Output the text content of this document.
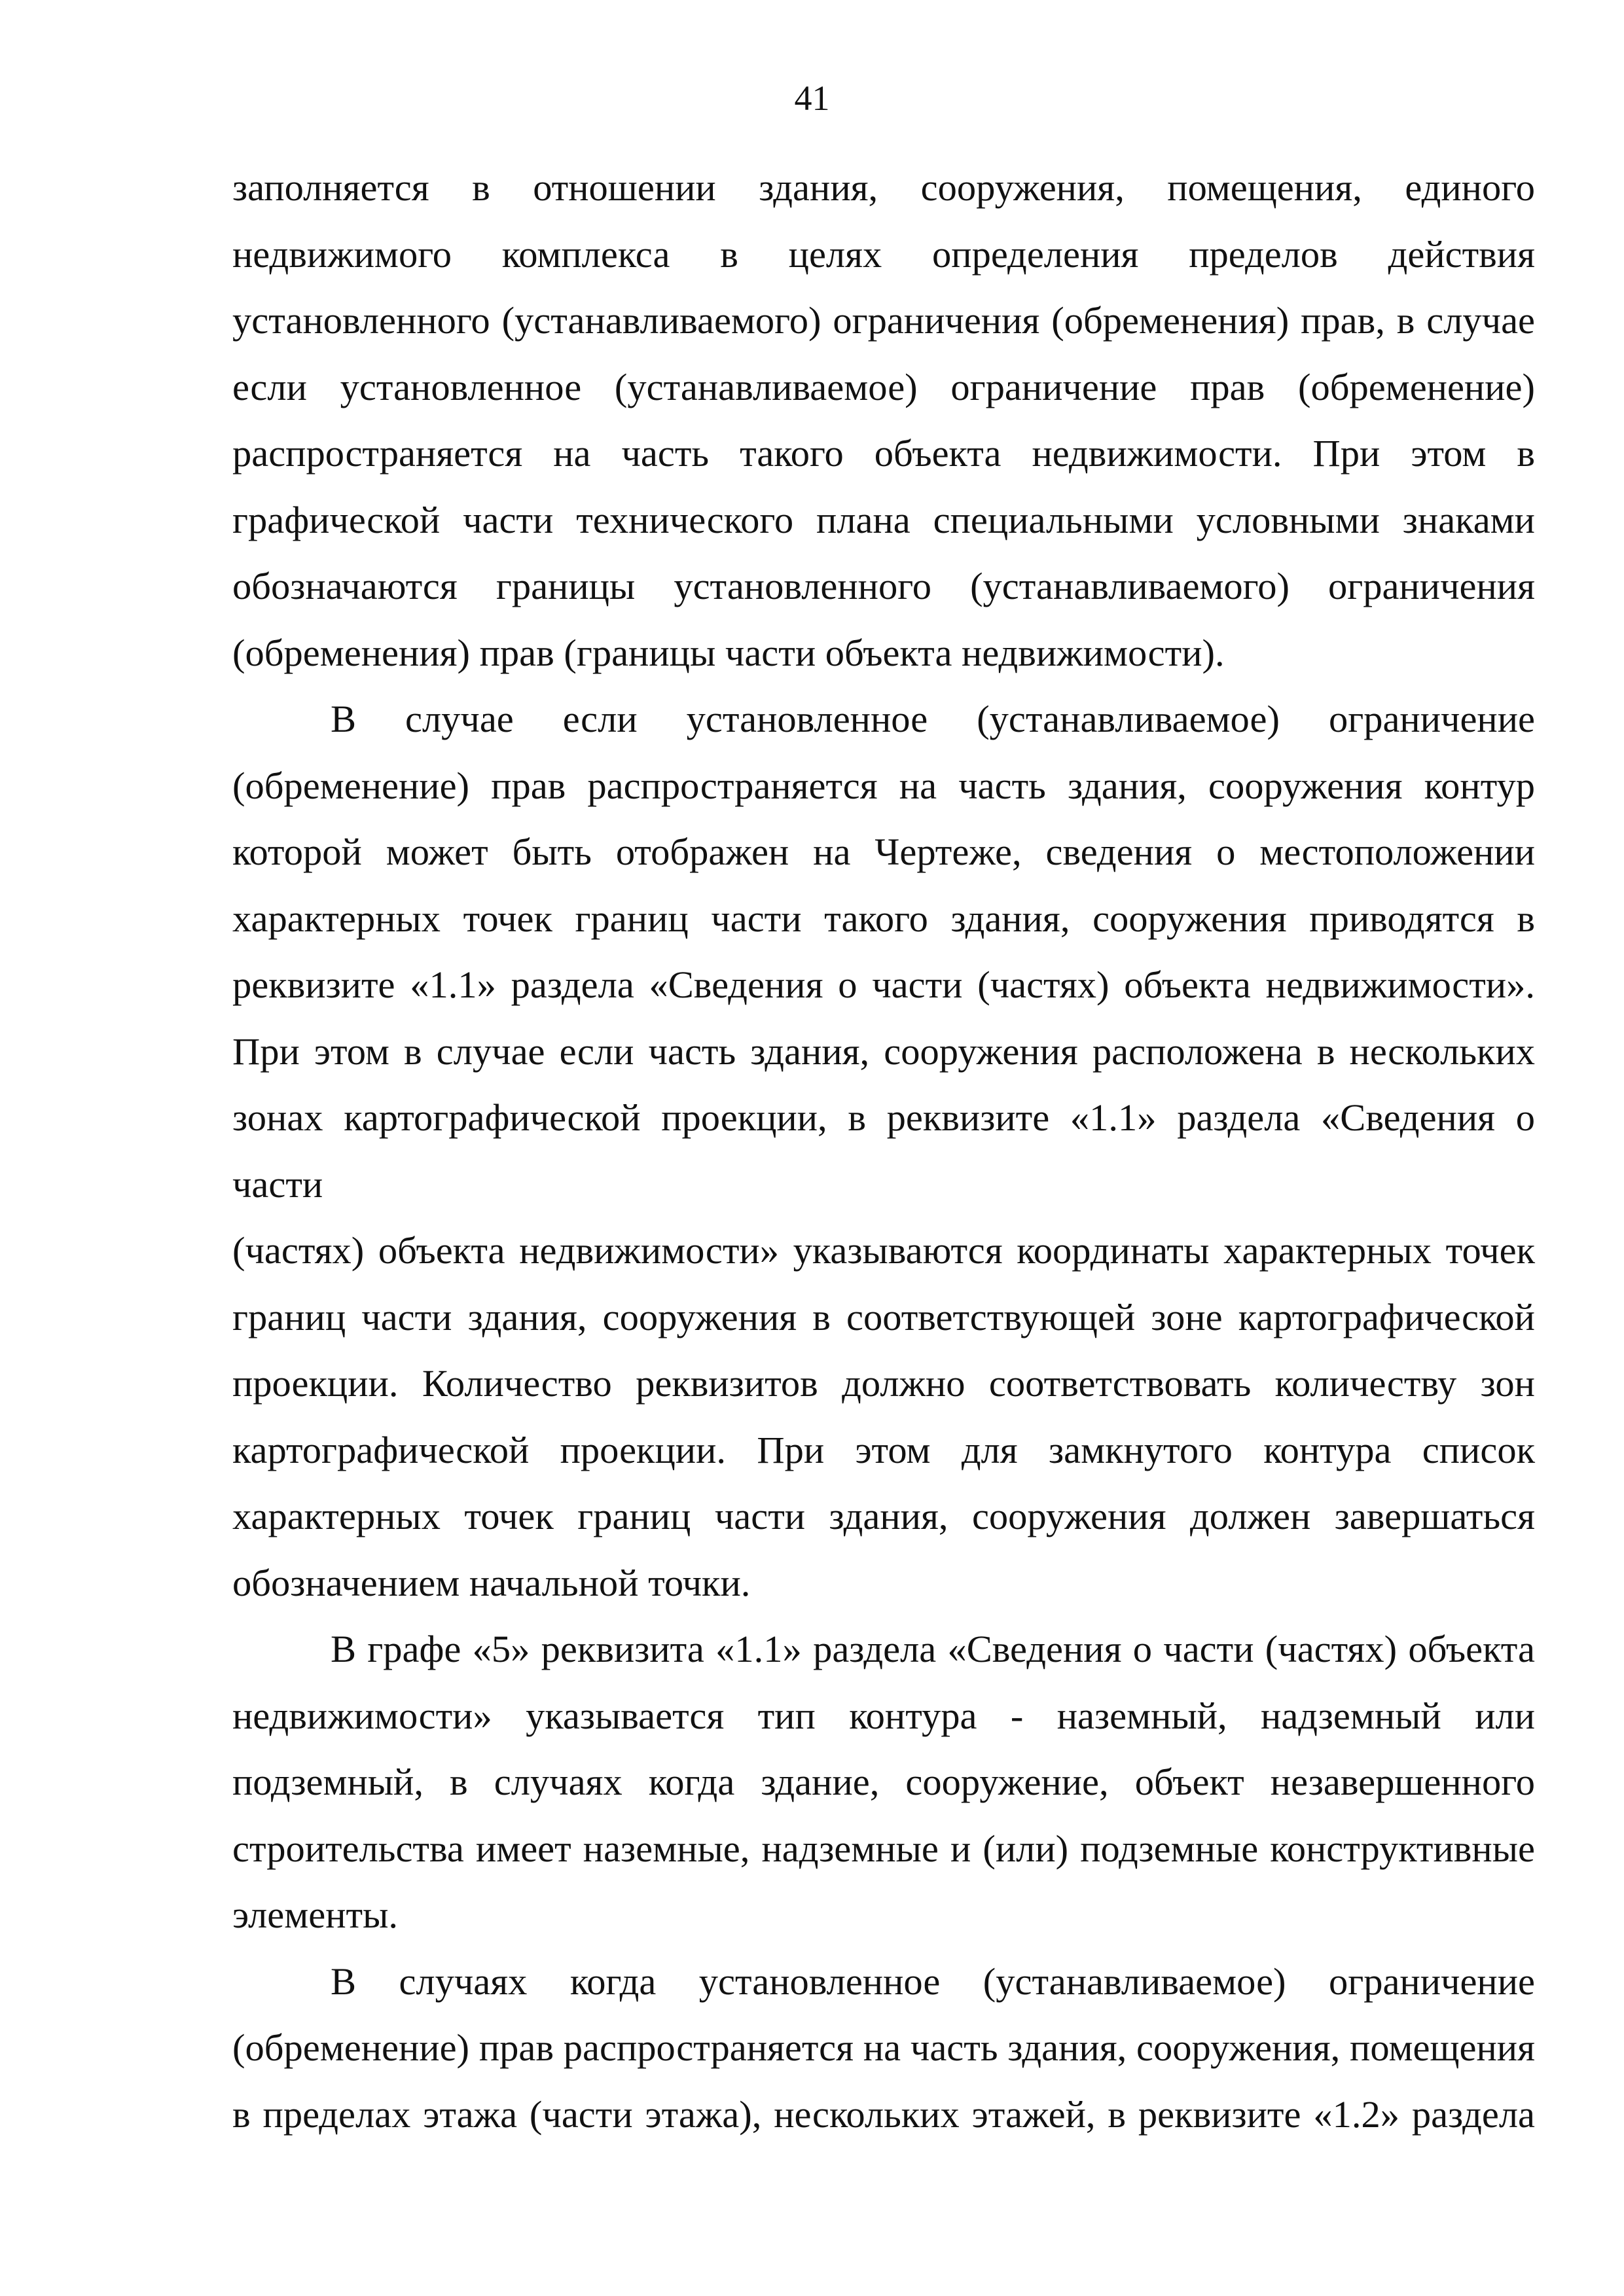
41

заполняется в отношении здания, сооружения, помещения, единого

недвижимого комплекса в целях определения пределов действия

установленного (устанавливаемого) ограничения (обременения) прав, в случае

если установленное (устанавливаемое) ограничение прав (обременение)

распространяется на часть такого объекта недвижимости. При этом в

графической части технического плана специальными условными знаками

обозначаются границы установленного (устанавливаемого) ограничения

(обременения) прав (границы части объекта недвижимости).

В случае если установленное (устанавливаемое) ограничение

(обременение) прав распространяется на часть здания, сооружения контур

которой может быть отображен на Чертеже, сведения о местоположении

характерных точек границ части такого здания, сооружения приводятся в

реквизите «1.1» раздела «Сведения о части (частях) объекта недвижимости».

При этом в случае если часть здания, сооружения расположена в нескольких

зонах картографической проекции, в реквизите «1.1» раздела «Сведения о части

(частях) объекта недвижимости» указываются координаты характерных точек

границ части здания, сооружения в соответствующей зоне картографической

проекции. Количество реквизитов должно соответствовать количеству зон

картографической проекции. При этом для замкнутого контура список

характерных точек границ части здания, сооружения должен завершаться

обозначением начальной точки.

В графе «5» реквизита «1.1» раздела «Сведения о части (частях) объекта

недвижимости» указывается тип контура - наземный, надземный или

подземный, в случаях когда здание, сооружение, объект незавершенного

строительства имеет наземные, надземные и (или) подземные конструктивные

элементы.

В случаях когда установленное (устанавливаемое) ограничение

(обременение) прав распространяется на часть здания, сооружения, помещения

в пределах этажа (части этажа), нескольких этажей, в реквизите «1.2» раздела
